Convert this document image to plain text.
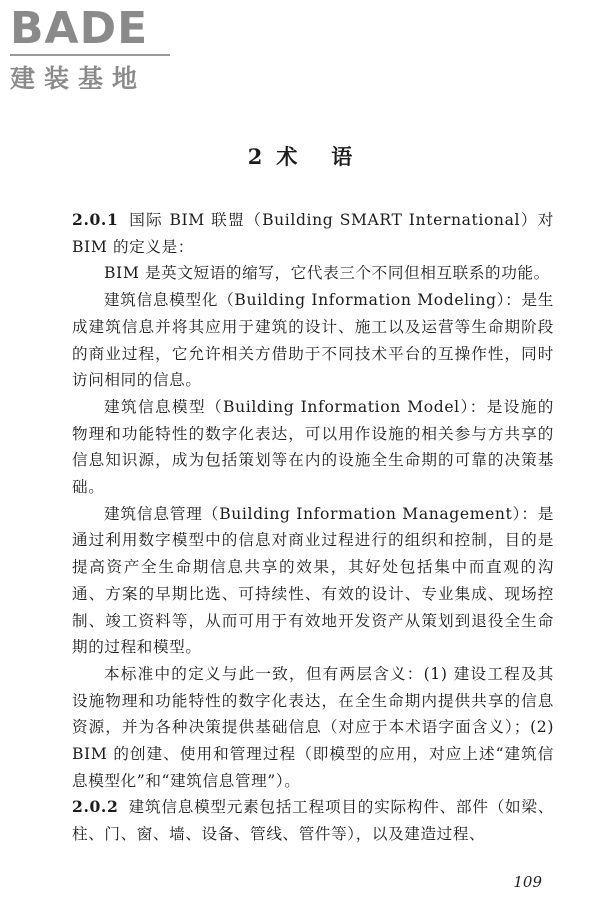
BADE
建装基地
2 术语

2.0.1 国际 BIM 联盟（Building SMART International）对 BIM 的定义是：

BIM 是英文短语的缩写，它代表三个不同但相互联系的功能。

建筑信息模型化（Building Information Modeling）：是生成建筑信息并将其应用于建筑的设计、施工以及运营等生命期阶段的商业过程，它允许相关方借助于不同技术平台的互操作性，同时访问相同的信息。

建筑信息模型（Building Information Model）：是设施的物理和功能特性的数字化表达，可以用作设施的相关参与方共享的信息知识源，成为包括策划等在内的设施全生命期的可靠的决策基础。

建筑信息管理（Building Information Management）：是通过利用数字模型中的信息对商业过程进行的组织和控制，目的是提高资产全生命期信息共享的效果，其好处包括集中而直观的沟通、方案的早期比选、可持续性、有效的设计、专业集成、现场控制、竣工资料等，从而可用于有效地开发资产从策划到退役全生命期的过程和模型。

本标准中的定义与此一致，但有两层含义：(1) 建设工程及其设施物理和功能特性的数字化表达，在全生命期内提供共享的信息资源，并为各种决策提供基础信息（对应于本术语字面含义）；(2) BIM 的创建、使用和管理过程（即模型的应用，对应上述“建筑信息模型化”和“建筑信息管理”）。

2.0.2 建筑信息模型元素包括工程项目的实际构件、部件（如梁、柱、门、窗、墙、设备、管线、管件等），以及建造过程、

109
